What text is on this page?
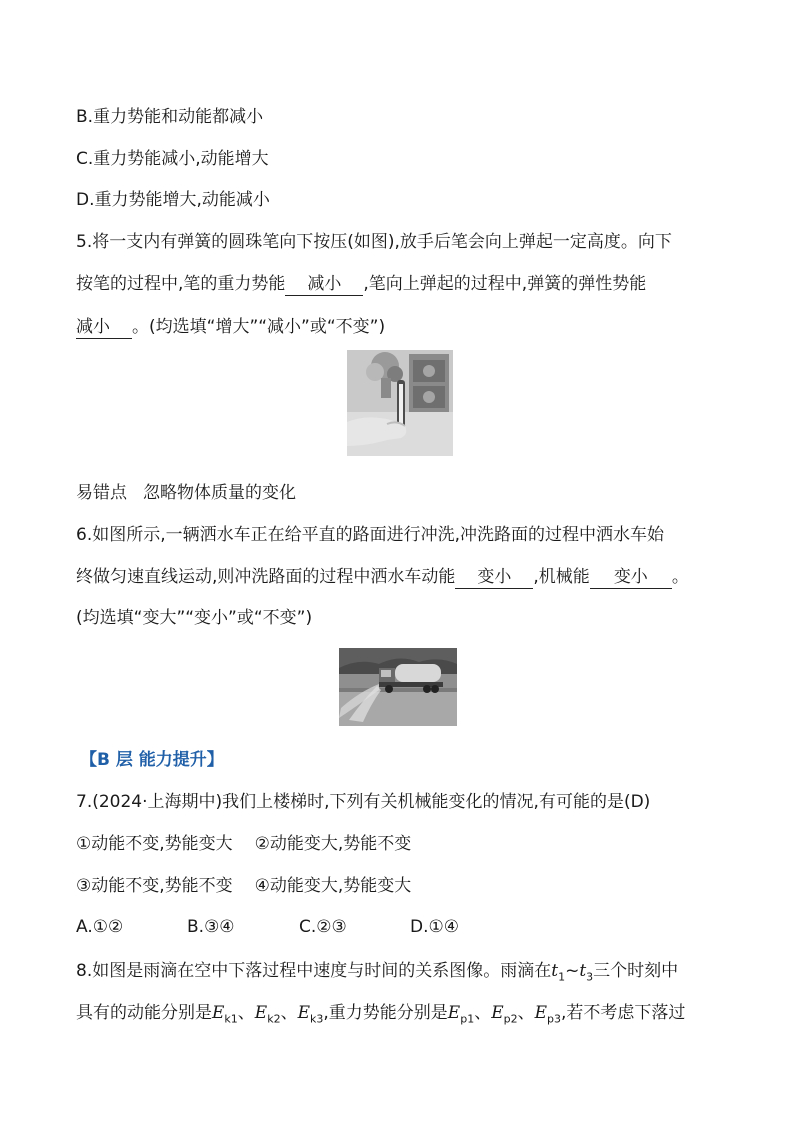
B.重力势能和动能都减小
C.重力势能减小,动能增大
D.重力势能增大,动能减小
5.将一支内有弹簧的圆珠笔向下按压(如图),放手后笔会向上弹起一定高度。向下
按笔的过程中,笔的重力势能 减小 ,笔向上弹起的过程中,弹簧的弹性势能
减小 。(均选填“增大”“减小”或“不变”)
易错点 忽略物体质量的变化
6.如图所示,一辆洒水车正在给平直的路面进行冲洗,冲洗路面的过程中洒水车始
终做匀速直线运动,则冲洗路面的过程中洒水车动能 变小 ,机械能 变小 。
(均选填“变大”“变小”或“不变”)
【B 层 能力提升】
7.(2024·上海期中)我们上楼梯时,下列有关机械能变化的情况,有可能的是(D)
①动能不变,势能变大 ②动能变大,势能不变
③动能不变,势能不变 ④动能变大,势能变大
A.①②	B.③④	C.②③	D.①④
8.如图是雨滴在空中下落过程中速度与时间的关系图像。雨滴在$t_1\sim t_3$三个时刻中
具有的动能分别是$E_{k1}$、$E_{k2}$、$E_{k3}$,重力势能分别是$E_{p1}$、$E_{p2}$、$E_{p3}$,若不考虑下落过
